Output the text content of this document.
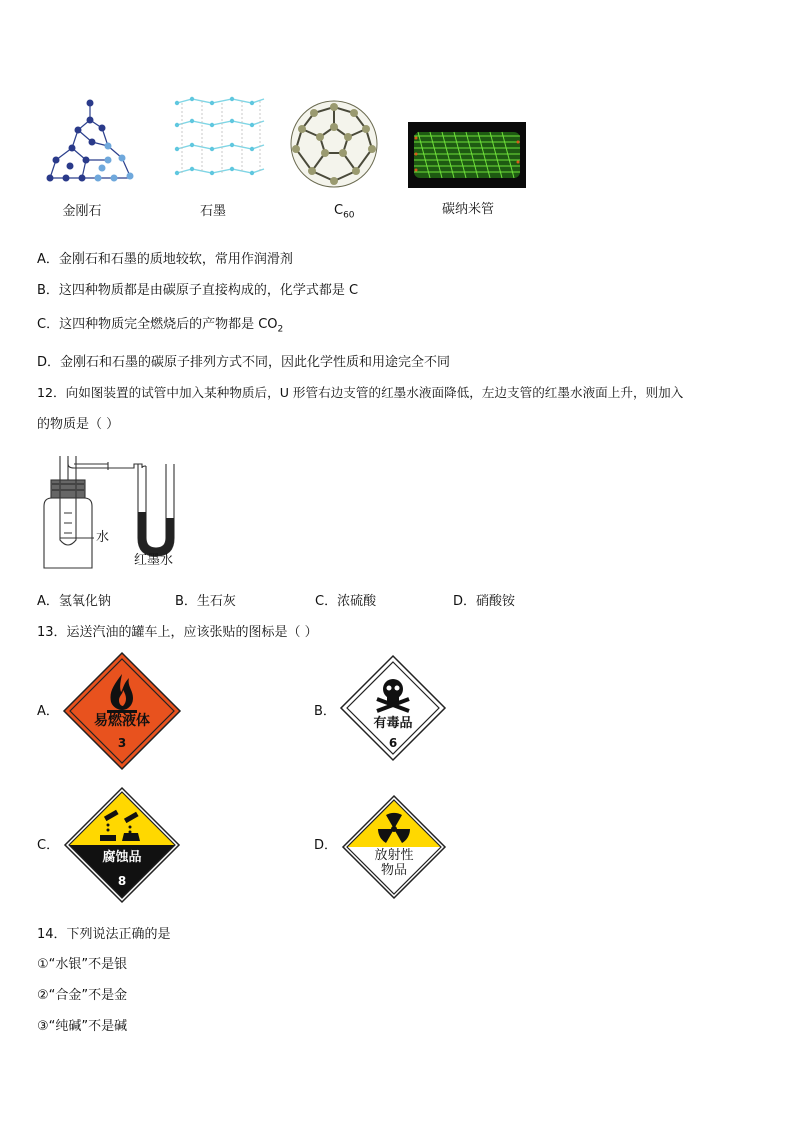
金刚石	石墨	$C_{60}$	碳纳米管
A．金刚石和石墨的质地较软，常用作润滑剂
B．这四种物质都是由碳原子直接构成的，化学式都是 C
C．这四种物质完全燃烧后的产物都是 $CO_2$
D．金刚石和石墨的碳原子排列方式不同，因此化学性质和用途完全不同
12．向如图装置的试管中加入某种物质后，U 形管右边支管的红墨水液面降低，左边支管的红墨水液面上升，则加入
的物质是（ ）
水
红墨水
A．氢氧化钠	B．生石灰	C．浓硫酸	D．硝酸铵
13．运送汽油的罐车上，应该张贴的图标是（ ）
A．	B．
C．	D．
易燃液体
3
有毒品
6
腐蚀品
8
放射性
物品
14．下列说法正确的是
①“水银”不是银
②“合金”不是金
③“纯碱”不是碱
